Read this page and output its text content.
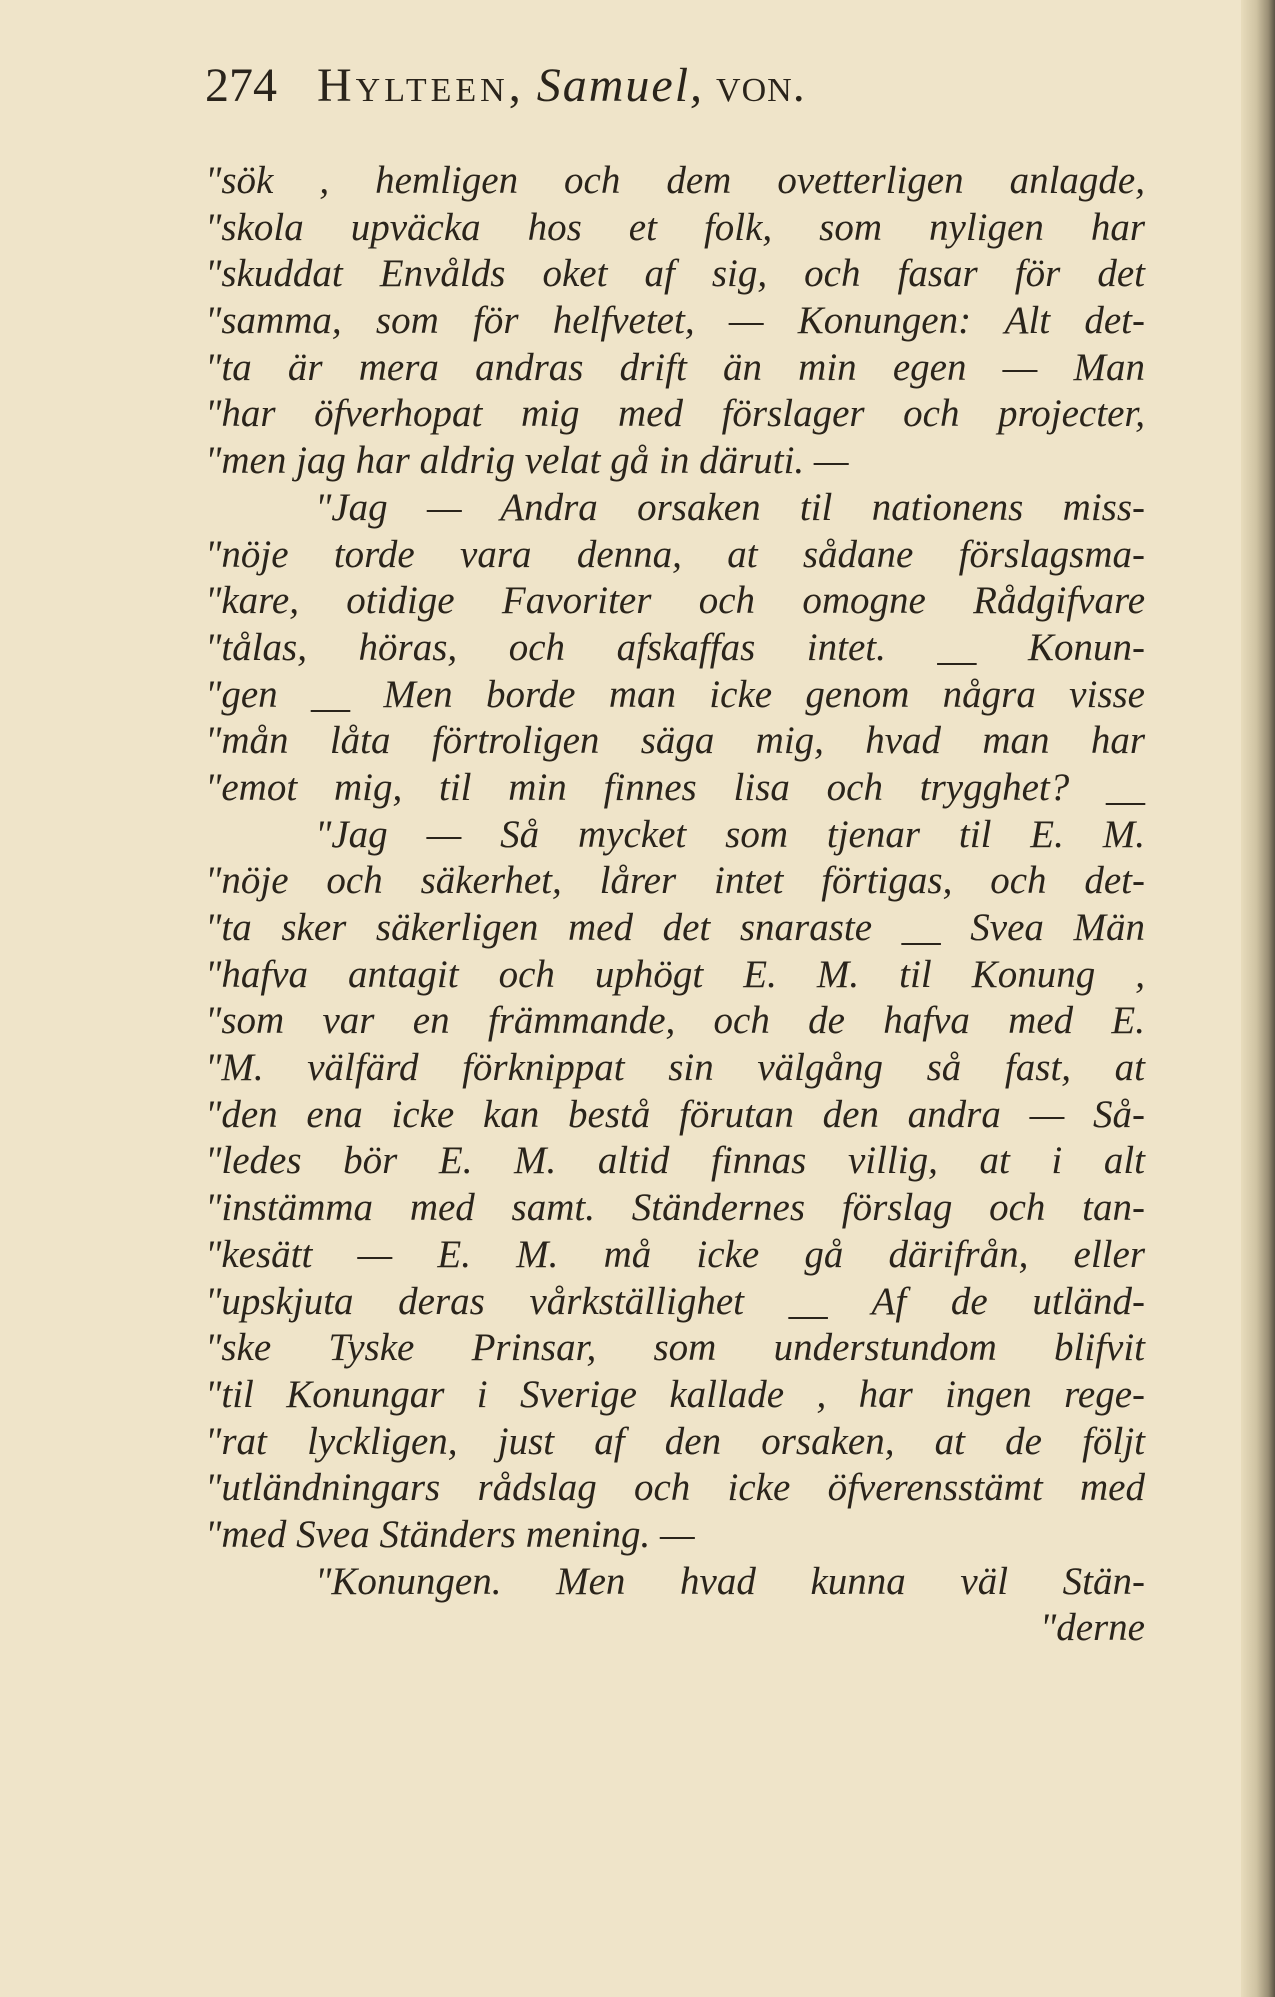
274 Hylteen, Samuel, von.
"sök , hemligen och dem ovetterligen anlagde,
"skola upväcka hos et folk, som nyligen har
"skuddat Envålds oket af sig, och fasar för det
"samma, som för helfvetet, — Konungen: Alt det-
"ta är mera andras drift än min egen — Man
"har öfverhopat mig med förslager och projecter,
"men jag har aldrig velat gå in däruti. —
"Jag — Andra orsaken til nationens miss-
"nöje torde vara denna, at sådane förslagsma-
"kare, otidige Favoriter och omogne Rådgifvare
"tålas, höras, och afskaffas intet. __ Konun-
"gen __ Men borde man icke genom några visse
"mån låta förtroligen säga mig, hvad man har
"emot mig, til min finnes lisa och trygghet? __
"Jag — Så mycket som tjenar til E. M.
"nöje och säkerhet, lårer intet förtigas, och det-
"ta sker säkerligen med det snaraste __ Svea Män
"hafva antagit och uphögt E. M. til Konung ,
"som var en främmande, och de hafva med E.
"M. välfärd förknippat sin välgång så fast, at
"den ena icke kan bestå förutan den andra — Så-
"ledes bör E. M. altid finnas villig, at i alt
"instämma med samt. Ständernes förslag och tan-
"kesätt — E. M. må icke gå därifrån, eller
"upskjuta deras vårkställighet __ Af de utländ-
"ske Tyske Prinsar, som understundom blifvit
"til Konungar i Sverige kallade , har ingen rege-
"rat lyckligen, just af den orsaken, at de följt
"utländningars rådslag och icke öfverensstämt med
"med Svea Ständers mening. —
"Konungen. Men hvad kunna väl Stän-
"derne
